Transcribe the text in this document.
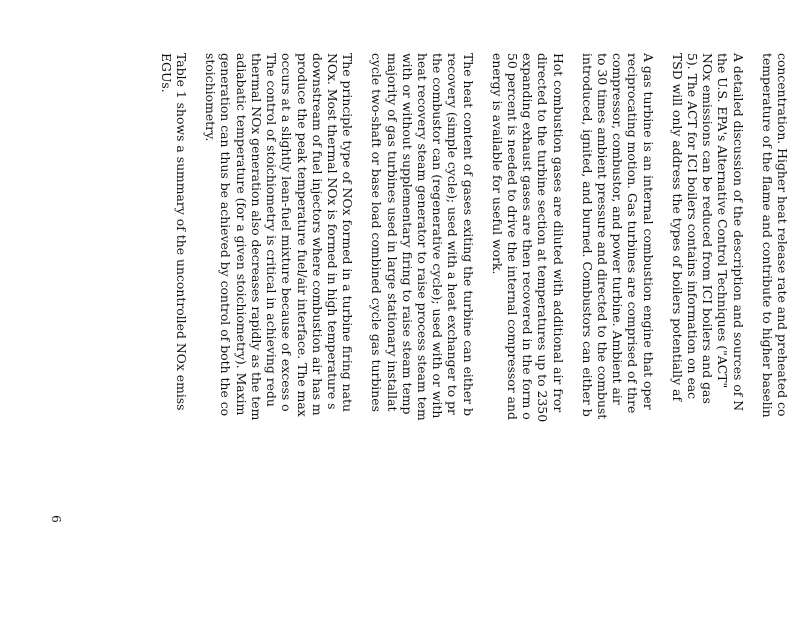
6

concentration. Higher heat release rate and preheated co
temperature of the flame and contribute to higher baselin

A detailed discussion of the description and sources of N
the U.S. EPA's Alternative Control Techniques ("ACT"
NOx emissions can be reduced from ICI boilers and gas
5). The ACT for ICI boilers contains information on eac
TSD will only address the types of boilers potentially af

A gas turbine is an internal combustion engine that oper
reciprocating motion. Gas turbines are comprised of thre
compressor, combustor, and power turbine. Ambient air
to 30 times ambient pressure and directed to the combust
introduced, ignited, and burned. Combustors can either b

Hot combustion gases are diluted with additional air fror
directed to the turbine section at temperatures up to 2350
expanding exhaust gases are then recovered in the form o
50 percent is needed to drive the internal compressor and
energy is available for useful work.

The heat content of gases exiting the turbine can either b
recovery (simple cycle); used with a heat exchanger to pr
the combustor can (regenerative cycle); used with or with
heat recovery steam generator to raise process steam tem
with or without supplementary firing to raise steam temp
majority of gas turbines used in large stationary installat
cycle two-shaft or base load combined cycle gas turbines

The principle type of NOx formed in a turbine firing natu
NOx. Most thermal NOx is formed in high temperature s
downstream of fuel injectors where combustion air has m
produce the peak temperature fuel/air interface. The max
occurs at a slightly lean-fuel mixture because of excess o
The control of stoichiometry is critical in achieving redu
thermal NOx generation also decreases rapidly as the tem
adiabatic temperature (for a given stoichiometry). Maxim
generation can thus be achieved by control of both the co
stoichiometry.

Table 1 shows a summary of the uncontrolled NOx emiss
EGUs.
